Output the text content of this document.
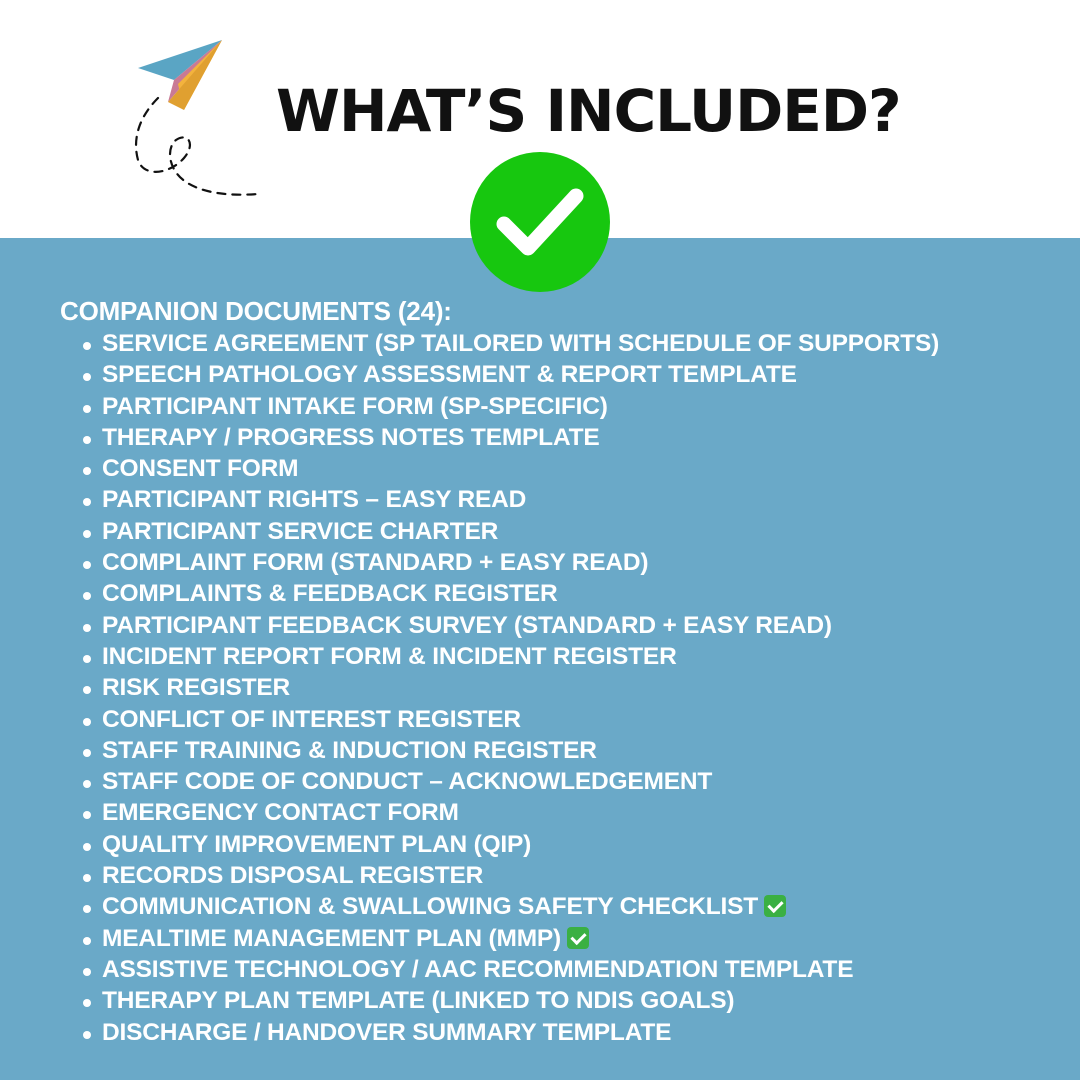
WHAT’S INCLUDED?
COMPANION DOCUMENTS (24):
SERVICE AGREEMENT (SP TAILORED WITH SCHEDULE OF SUPPORTS)
SPEECH PATHOLOGY ASSESSMENT & REPORT TEMPLATE
PARTICIPANT INTAKE FORM (SP-SPECIFIC)
THERAPY / PROGRESS NOTES TEMPLATE
CONSENT FORM
PARTICIPANT RIGHTS – EASY READ
PARTICIPANT SERVICE CHARTER
COMPLAINT FORM (STANDARD + EASY READ)
COMPLAINTS & FEEDBACK REGISTER
PARTICIPANT FEEDBACK SURVEY (STANDARD + EASY READ)
INCIDENT REPORT FORM & INCIDENT REGISTER
RISK REGISTER
CONFLICT OF INTEREST REGISTER
STAFF TRAINING & INDUCTION REGISTER
STAFF CODE OF CONDUCT – ACKNOWLEDGEMENT
EMERGENCY CONTACT FORM
QUALITY IMPROVEMENT PLAN (QIP)
RECORDS DISPOSAL REGISTER
COMMUNICATION & SWALLOWING SAFETY CHECKLIST
MEALTIME MANAGEMENT PLAN (MMP)
ASSISTIVE TECHNOLOGY / AAC RECOMMENDATION TEMPLATE
THERAPY PLAN TEMPLATE (LINKED TO NDIS GOALS)
DISCHARGE / HANDOVER SUMMARY TEMPLATE
